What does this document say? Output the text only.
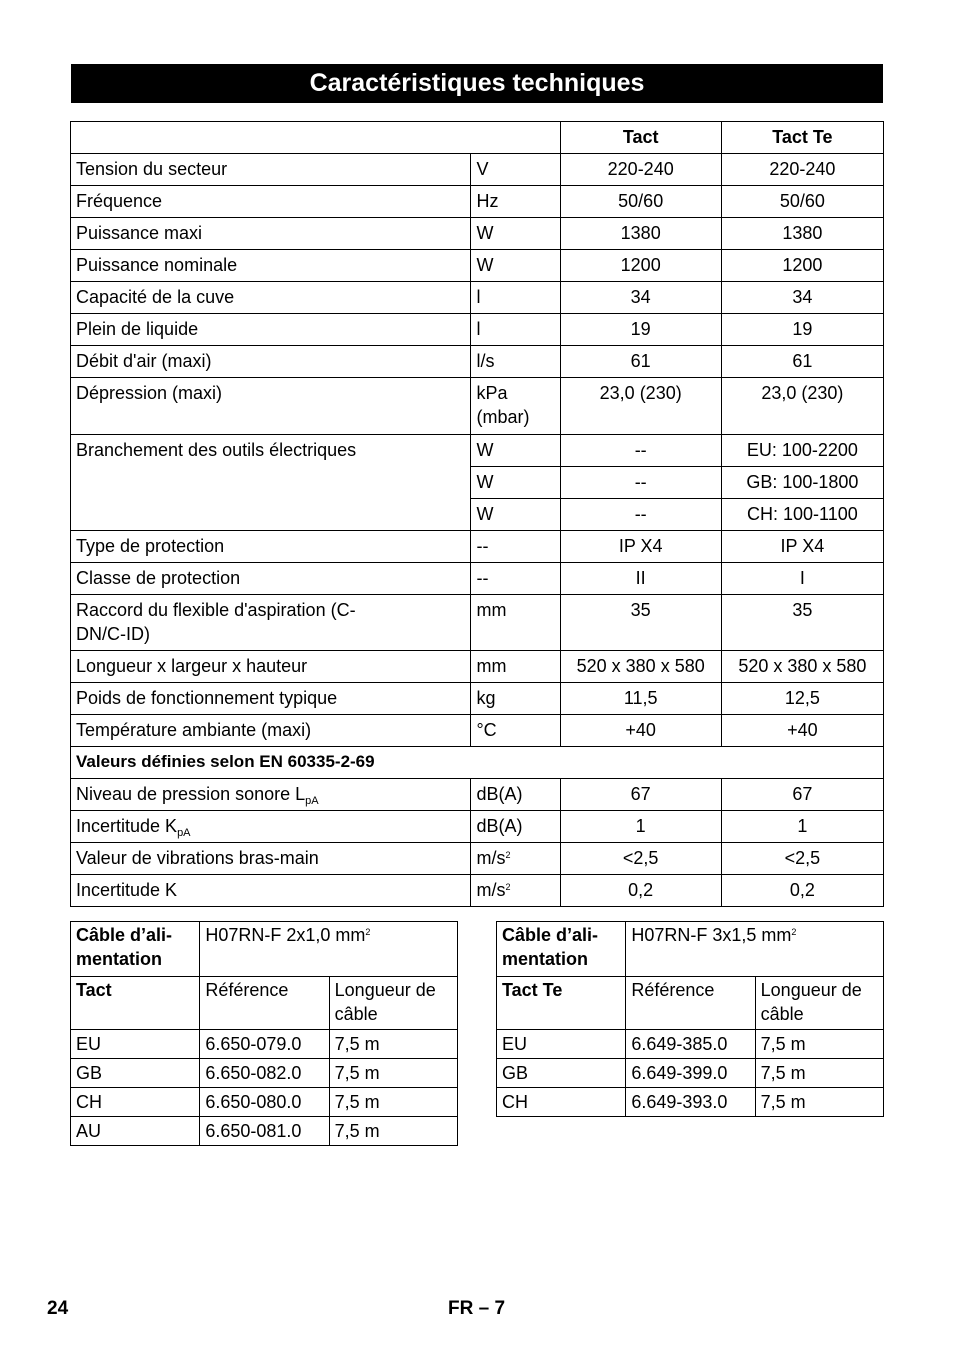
Caractéristiques techniques
		Tact	Tact Te
Tension du secteur	V	220-240	220-240
Fréquence	Hz	50/60	50/60
Puissance maxi	W	1380	1380
Puissance nominale	W	1200	1200
Capacité de la cuve	l	34	34
Plein de liquide	l	19	19
Débit d'air (maxi)	l/s	61	61
Dépression (maxi)	kPa (mbar)	23,0 (230)	23,0 (230)
Branchement des outils électriques	W	--	EU: 100-2200
	W	--	GB: 100-1800
	W	--	CH: 100-1100
Type de protection	--	IP X4	IP X4
Classe de protection	--	II	I
Raccord du flexible d'aspiration (C-DN/C-ID)	mm	35	35
Longueur x largeur x hauteur	mm	520 x 380 x 580	520 x 380 x 580
Poids de fonctionnement typique	kg	11,5	12,5
Température ambiante (maxi)	°C	+40	+40
Valeurs définies selon EN 60335-2-69			
Niveau de pression sonore $L_{pA}$	dB(A)	67	67
Incertitude $K_{pA}$	dB(A)	1	1
Valeur de vibrations bras-main	$m/s^2$	<2,5	<2,5
Incertitude K	$m/s^2$	0,2	0,2
Câble d’ali-mentation	H07RN-F 2x1,0 $mm^2$
Tact	Référence	Longueur de câble
EU	6.650-079.0	7,5 m
GB	6.650-082.0	7,5 m
CH	6.650-080.0	7,5 m
AU	6.650-081.0	7,5 m
Câble d’ali-mentation	H07RN-F 3x1,5 $mm^2$
Tact Te	Référence	Longueur de câble
EU	6.649-385.0	7,5 m
GB	6.649-399.0	7,5 m
CH	6.649-393.0	7,5 m
24	FR – 7
